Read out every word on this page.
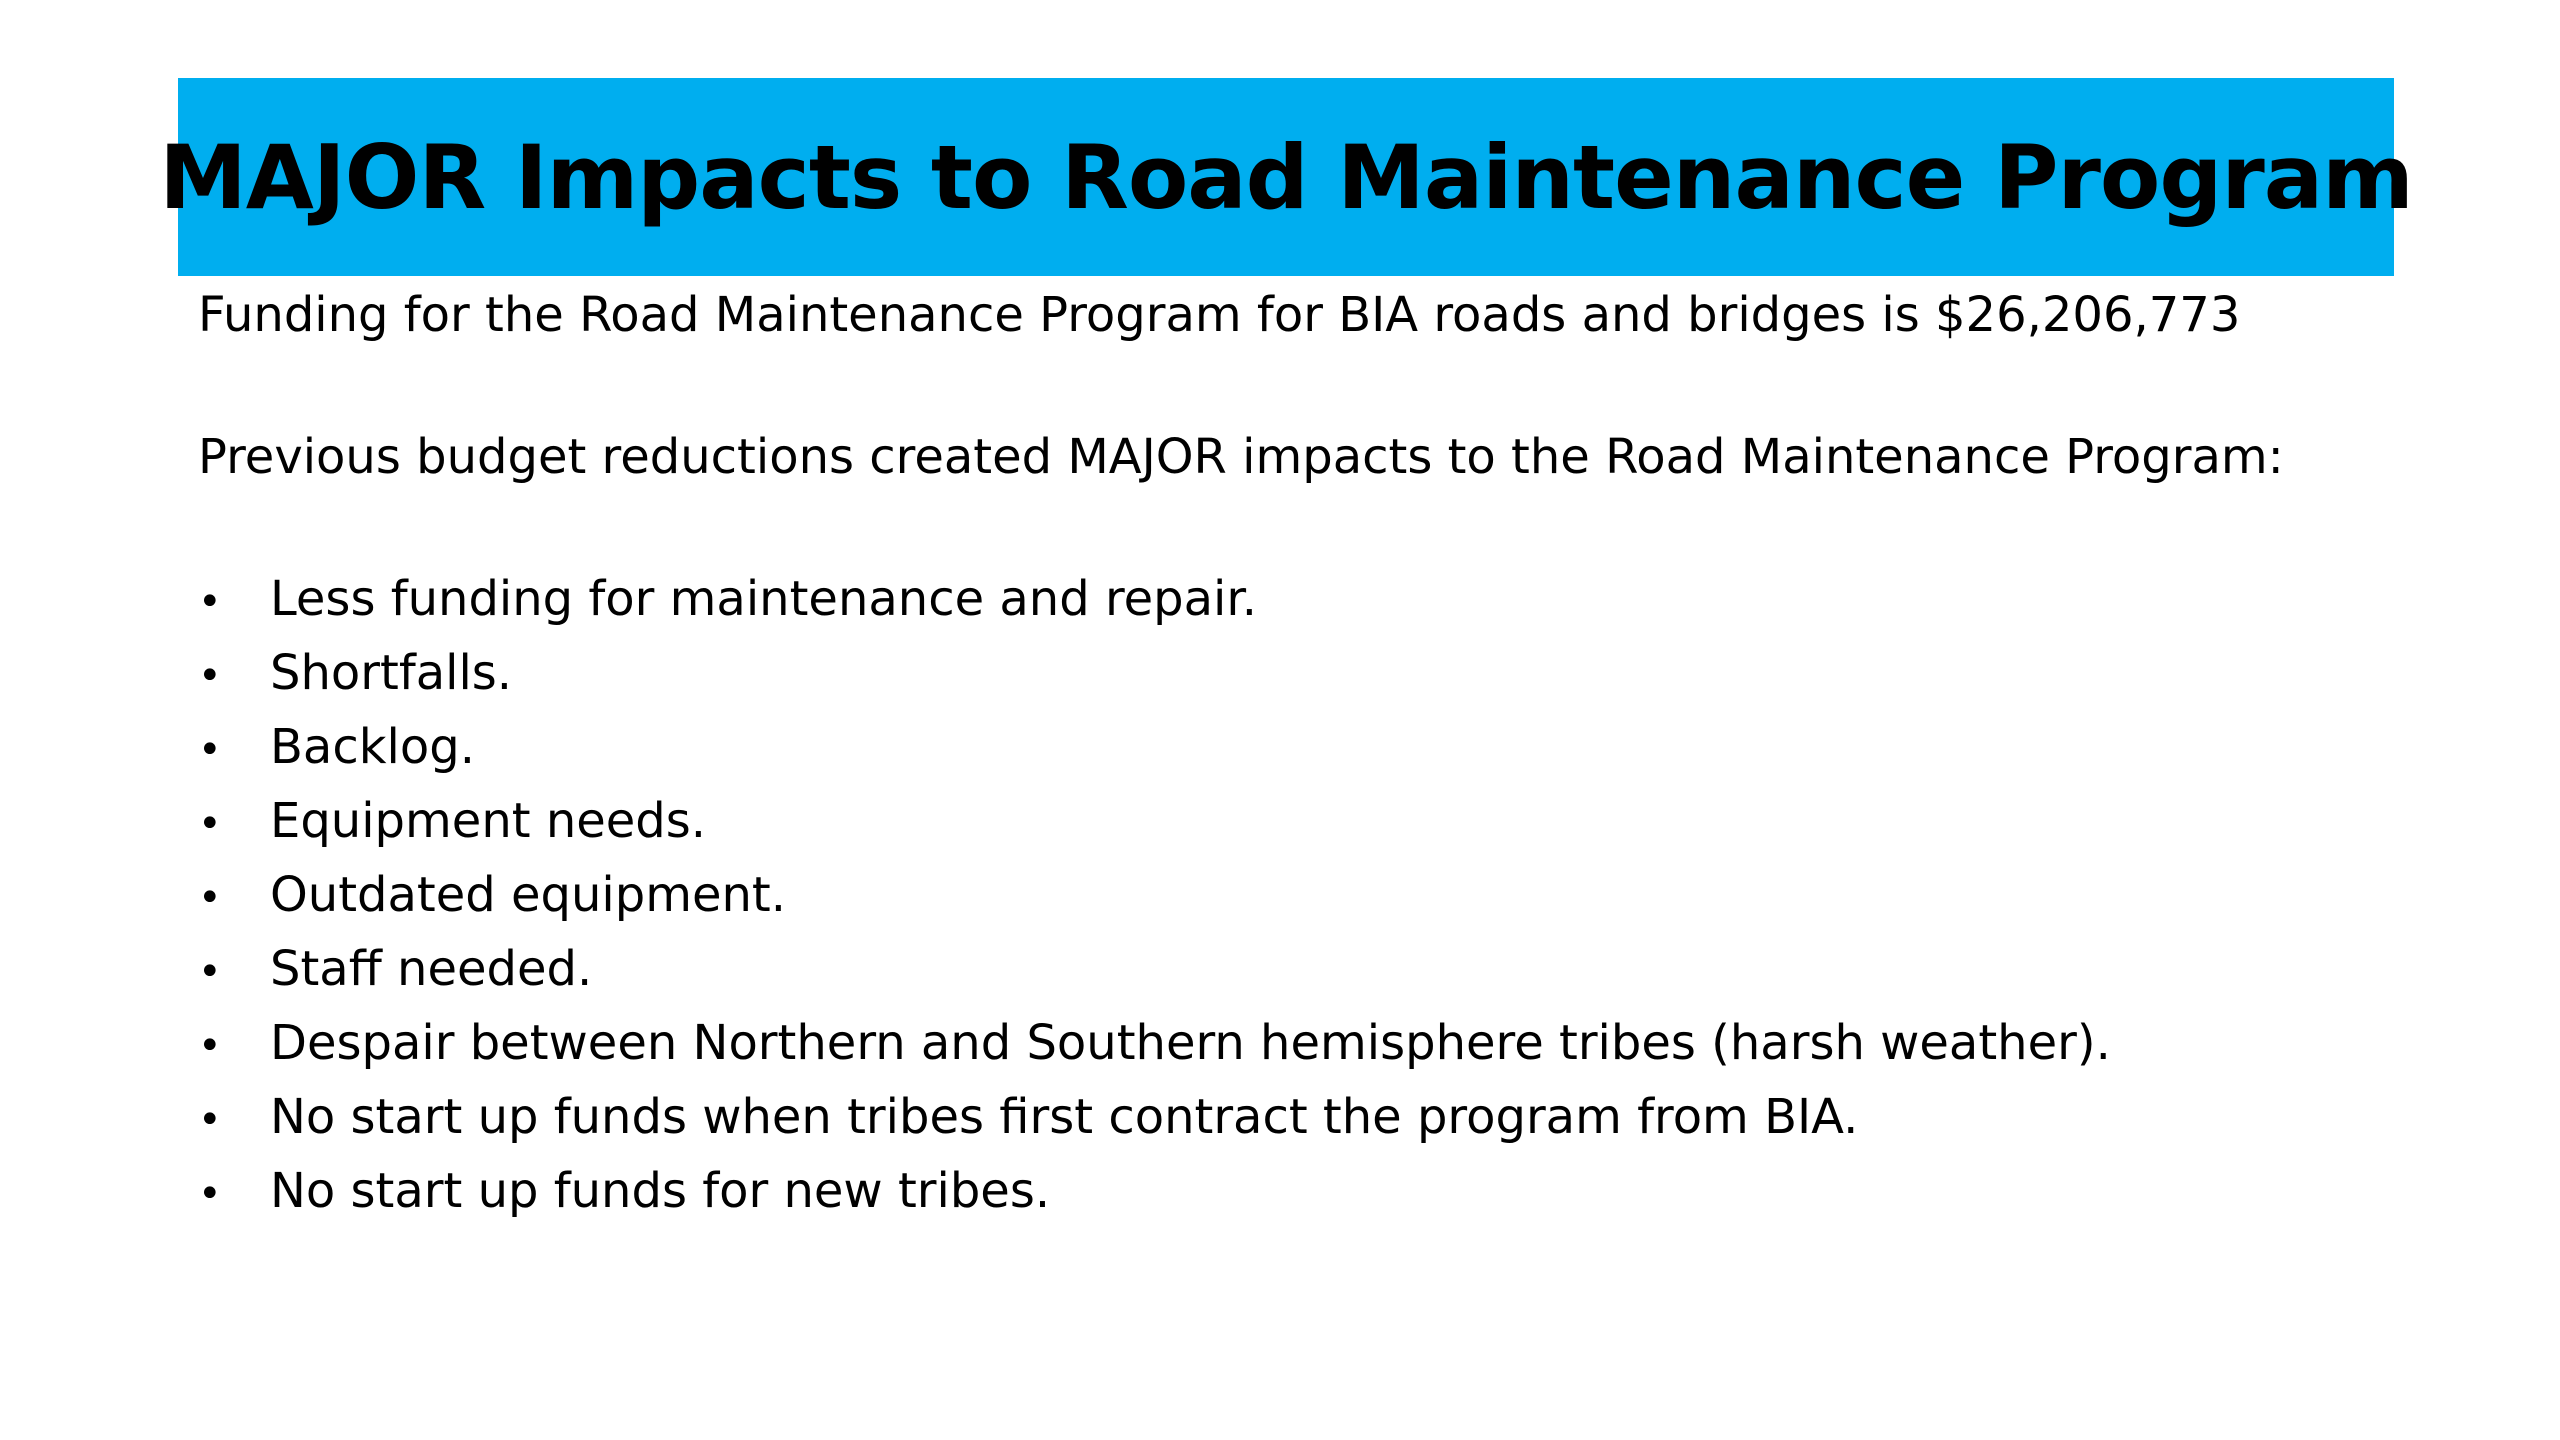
MAJOR Impacts to Road Maintenance Program

Funding for the Road Maintenance Program for BIA roads and bridges is $26,206,773

Previous budget reductions created MAJOR impacts to the Road Maintenance Program:

•	Less funding for maintenance and repair.
•	Shortfalls.
•	Backlog.
•	Equipment needs.
•	Outdated equipment.
•	Staff needed.
•	Despair between Northern and Southern hemisphere tribes (harsh weather).
•	No start up funds when tribes first contract the program from BIA.
•	No start up funds for new tribes.
